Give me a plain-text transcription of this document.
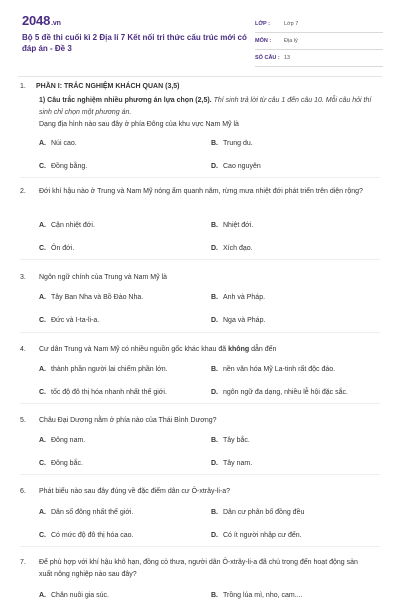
2048.vn
Bộ 5 đề thi cuối kì 2 Địa lí 7 Kết nối tri thức cấu trúc mới có đáp án - Đề 3
LỚP :	Lớp 7
MÔN :	Địa lý
SỐ CÂU : 13
1. PHẦN I: TRẮC NGHIỆM KHÁCH QUAN (3,5)
1) Câu trắc nghiệm nhiều phương án lựa chọn (2,5). Thí sinh trả lời từ câu 1 đến câu 10. Mỗi câu hỏi thí sinh chỉ chọn một phương án.
Dạng địa hình nào sau đây ở phía Đông của khu vực Nam Mỹ là
A. Núi cao.	B. Trung du.
C. Đồng bằng.	D. Cao nguyên
2.	Đới khí hậu nào ở Trung và Nam Mỹ nóng ẩm quanh năm, rừng mưa nhiệt đới phát triển trên diện rộng?
A. Cận nhiệt đới.	B. Nhiệt đới.
C. Ôn đới.	D. Xích đạo.
3.	Ngôn ngữ chính của Trung và Nam Mỹ là
A. Tây Ban Nha và Bồ Đào Nha.	B. Anh và Pháp.
C. Đức và I-ta-li-a.	D. Nga và Pháp.
4.	Cư dân Trung và Nam Mỹ có nhiều nguồn gốc khác khau đã không dẫn đến
A. thành phần người lai chiếm phần lớn.	B. nền văn hóa Mỹ La-tinh rất độc đáo.
C. tốc độ đô thị hóa nhanh nhất thế giới.	D. ngôn ngữ đa dạng, nhiều lễ hội đặc sắc.
5.	Châu Đại Dương nằm ở phía nào của Thái Bình Dương?
A. Đông nam.	B. Tây bắc.
C. Đông bắc.	D. Tây nam.
6.	Phát biểu nào sau đây đúng về đặc điểm dân cư Ô-xtrây-li-a?
A. Dân số đông nhất thế giới.	B. Dân cư phân bố đồng đều
C. Có mức độ đô thị hóa cao.	D. Có ít người nhập cư đến.
7.	Để phù hợp với khí hậu khô hạn, đồng cỏ thưa, người dân Ô-xtrây-li-a đã chú trọng đến hoạt động sản xuất nông nghiệp nào sau đây?
A. Chăn nuôi gia súc.	B. Trồng lúa mì, nho, cam....
